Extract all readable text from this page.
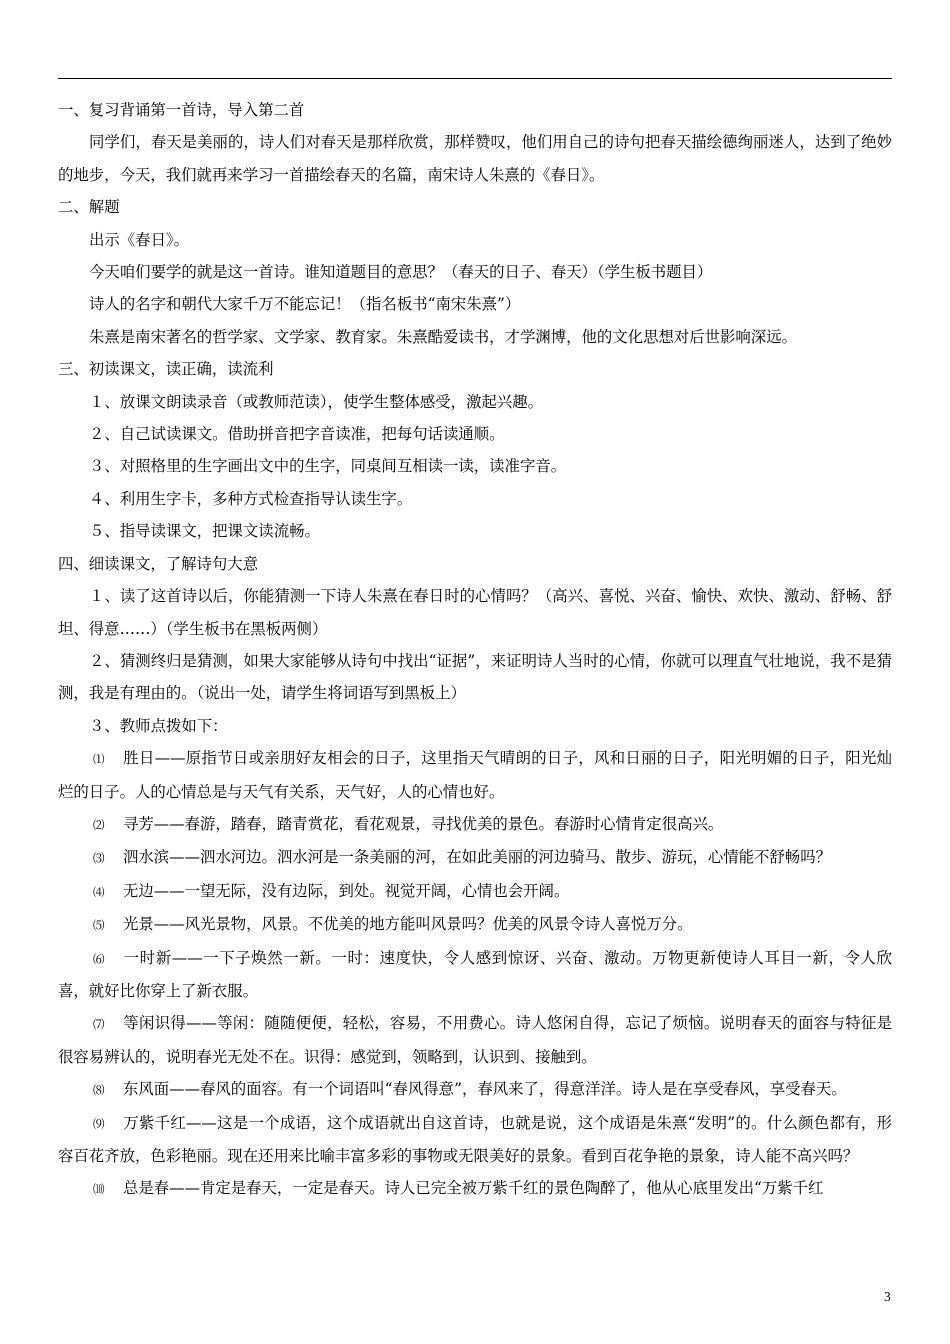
一、复习背诵第一首诗，导入第二首

同学们，春天是美丽的，诗人们对春天是那样欣赏，那样赞叹，他们用自己的诗句把春天描绘德绚丽迷人，达到了绝妙的地步，今天，我们就再来学习一首描绘春天的名篇，南宋诗人朱熹的《春日》。

二、解题

出示《春日》。

今天咱们要学的就是这一首诗。谁知道题目的意思？（春天的日子、春天）（学生板书题目）

诗人的名字和朝代大家千万不能忘记！（指名板书“南宋朱熹”）

朱熹是南宋著名的哲学家、文学家、教育家。朱熹酷爱读书，才学渊博，他的文化思想对后世影响深远。

三、初读课文，读正确，读流利

１、放课文朗读录音（或教师范读），使学生整体感受，激起兴趣。

２、自己试读课文。借助拼音把字音读准，把每句话读通顺。

３、对照格里的生字画出文中的生字，同桌间互相读一读，读准字音。

４、利用生字卡，多种方式检查指导认读生字。

５、指导读课文，把课文读流畅。

四、细读课文，了解诗句大意

１、读了这首诗以后，你能猜测一下诗人朱熹在春日时的心情吗？（高兴、喜悦、兴奋、愉快、欢快、激动、舒畅、舒坦、得意……）（学生板书在黑板两侧）

２、猜测终归是猜测，如果大家能够从诗句中找出“证据”，来证明诗人当时的心情，你就可以理直气壮地说，我不是猜测，我是有理由的。（说出一处，请学生将词语写到黑板上）

３、教师点拨如下：

⑴ 胜日——原指节日或亲朋好友相会的日子，这里指天气晴朗的日子，风和日丽的日子，阳光明媚的日子，阳光灿烂的日子。人的心情总是与天气有关系，天气好，人的心情也好。

⑵ 寻芳——春游，踏春，踏青赏花，看花观景，寻找优美的景色。春游时心情肯定很高兴。

⑶ 泗水滨——泗水河边。泗水河是一条美丽的河，在如此美丽的河边骑马、散步、游玩，心情能不舒畅吗？

⑷ 无边——一望无际，没有边际，到处。视觉开阔，心情也会开阔。

⑸ 光景——风光景物，风景。不优美的地方能叫风景吗？优美的风景令诗人喜悦万分。

⑹ 一时新——一下子焕然一新。一时：速度快，令人感到惊讶、兴奋、激动。万物更新使诗人耳目一新，令人欣喜，就好比你穿上了新衣服。

⑺ 等闲识得——等闲：随随便便，轻松，容易，不用费心。诗人悠闲自得，忘记了烦恼。说明春天的面容与特征是很容易辨认的，说明春光无处不在。识得：感觉到，领略到，认识到、接触到。

⑻ 东风面——春风的面容。有一个词语叫“春风得意”，春风来了，得意洋洋。诗人是在享受春风，享受春天。

⑼ 万紫千红——这是一个成语，这个成语就出自这首诗，也就是说，这个成语是朱熹“发明”的。什么颜色都有，形容百花齐放，色彩艳丽。现在还用来比喻丰富多彩的事物或无限美好的景象。看到百花争艳的景象，诗人能不高兴吗？

⑽ 总是春——肯定是春天，一定是春天。诗人已完全被万紫千红的景色陶醉了，他从心底里发出“万紫千红

3
